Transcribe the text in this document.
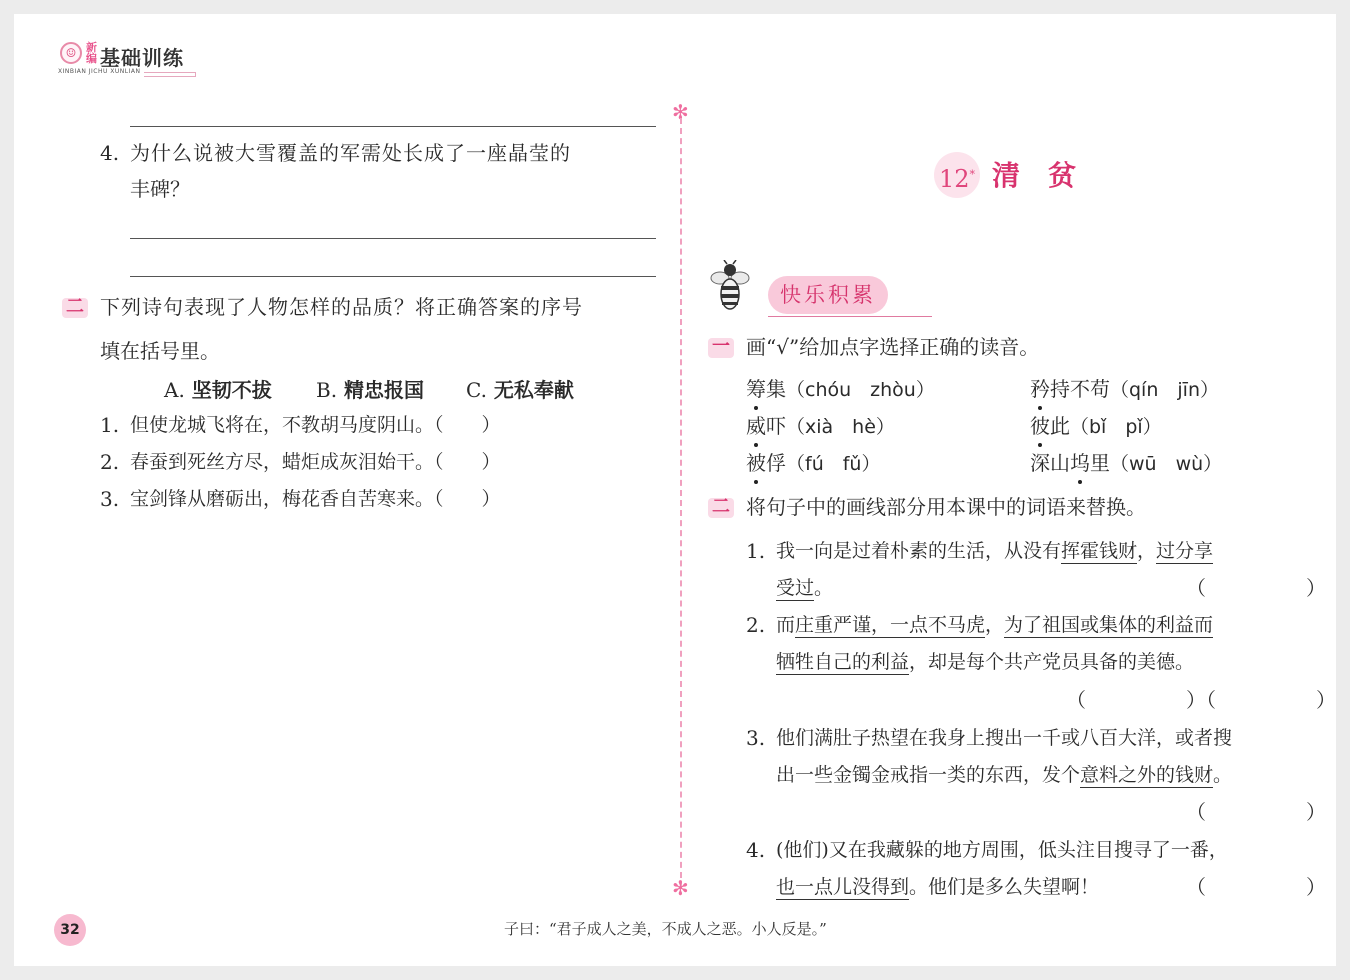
☺ 新编 基础训练
XINBIAN JICHU XUNLIAN
✻
✻
4. 为什么说被大雪覆盖的军需处长成了一座晶莹的
丰碑？
二 下列诗句表现了人物怎样的品质？将正确答案的序号
填在括号里。
A. 坚韧不拔 B. 精忠报国 C. 无私奉献
1. 但使龙城飞将在，不教胡马度阴山。（　　）
2. 春蚕到死丝方尽，蜡炬成灰泪始干。（　　）
3. 宝剑锋从磨砺出，梅花香自苦寒来。（　　）
12* 清贫
快乐积累
一 画“√”给加点字选择正确的读音。
筹集（chóu　zhòu）	矜持不苟（qín　jīn）
威吓（xià　hè）	彼此（bǐ　pǐ）
被俘（fú　fǔ）	深山坞里（wū　wù）
二 将句子中的画线部分用本课中的词语来替换。
1. 我一向是过着朴素的生活，从没有挥霍钱财，过分享
受过。	（　　　　　）
2. 而庄重严谨，一点不马虎，为了祖国或集体的利益而
牺牲自己的利益，却是每个共产党员具备的美德。
（　　　　　）（　　　　　）
3. 他们满肚子热望在我身上搜出一千或八百大洋，或者搜
出一些金镯金戒指一类的东西，发个意料之外的钱财。
（　　　　　）
4. (他们)又在我藏躲的地方周围，低头注目搜寻了一番，
也一点儿没得到。他们是多么失望啊！	（　　　　　）
32	子曰：“君子成人之美，不成人之恶。小人反是。”
